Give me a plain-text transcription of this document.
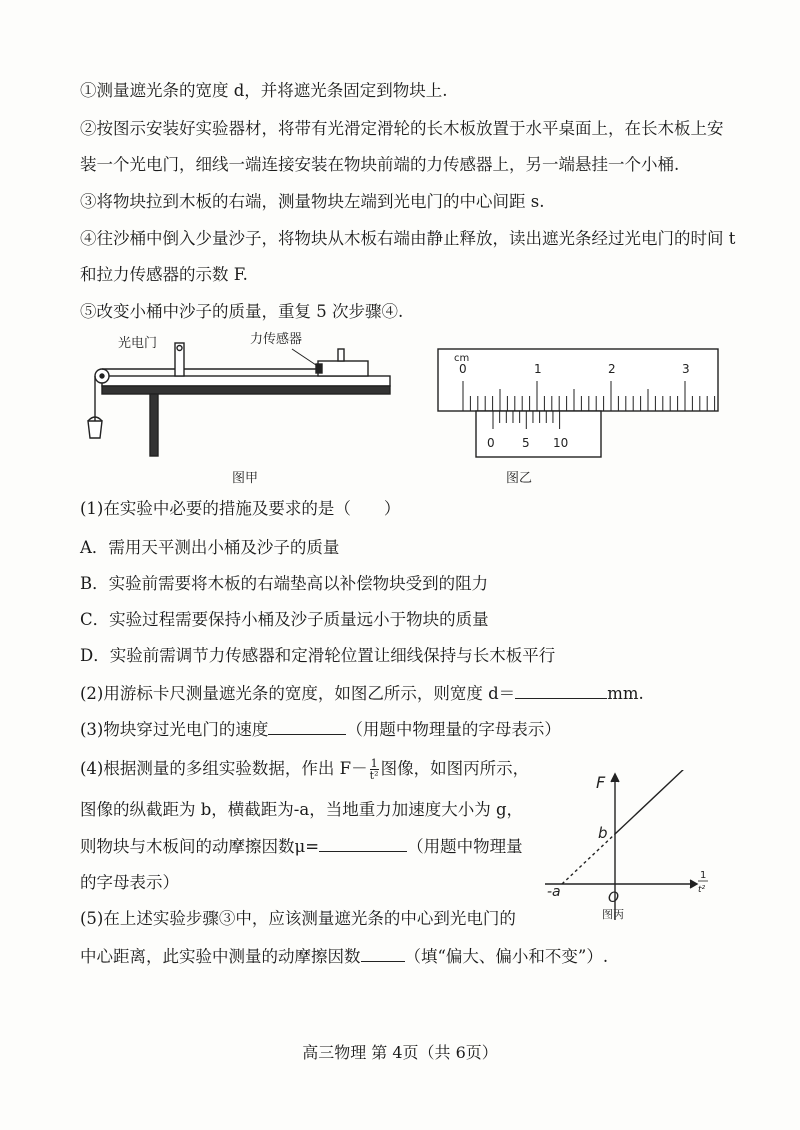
①测量遮光条的宽度 d，并将遮光条固定到物块上.
②按图示安装好实验器材，将带有光滑定滑轮的长木板放置于水平桌面上，在长木板上安
装一个光电门，细线一端连接安装在物块前端的力传感器上，另一端悬挂一个小桶.
③将物块拉到木板的右端，测量物块左端到光电门的中心间距 s.
④往沙桶中倒入少量沙子，将物块从木板右端由静止释放，读出遮光条经过光电门的时间 t
和拉力传感器的示数 F.
⑤改变小桶中沙子的质量，重复 5 次步骤④.
光电门	力传感器
图甲
cm
0	1	2	3
0 5 10
图乙
(1)在实验中必要的措施及要求的是（　　）
A．需用天平测出小桶及沙子的质量
B．实验前需要将木板的右端垫高以补偿物块受到的阻力
C．实验过程需要保持小桶及沙子质量远小于物块的质量
D．实验前需调节力传感器和定滑轮位置让细线保持与长木板平行
(2)用游标卡尺测量遮光条的宽度，如图乙所示，则宽度 d＝	mm.
(3)物块穿过光电门的速度	（用题中物理量的字母表示）
(4)根据测量的多组实验数据，作出 $F- \frac{1}{\text{t²}}$ 图像，如图丙所示，
图像的纵截距为 b，横截距为-a，当地重力加速度大小为 g，
则物块与木板间的动摩擦因数μ=	（用题中物理量
的字母表示）
F
1
t²
b
-a	O
图丙
(5)在上述实验步骤③中，应该测量遮光条的中心到光电门的
中心距离，此实验中测量的动摩擦因数	（填“偏大、偏小和不变”）.
高三物理 第 4页（共 6页）
